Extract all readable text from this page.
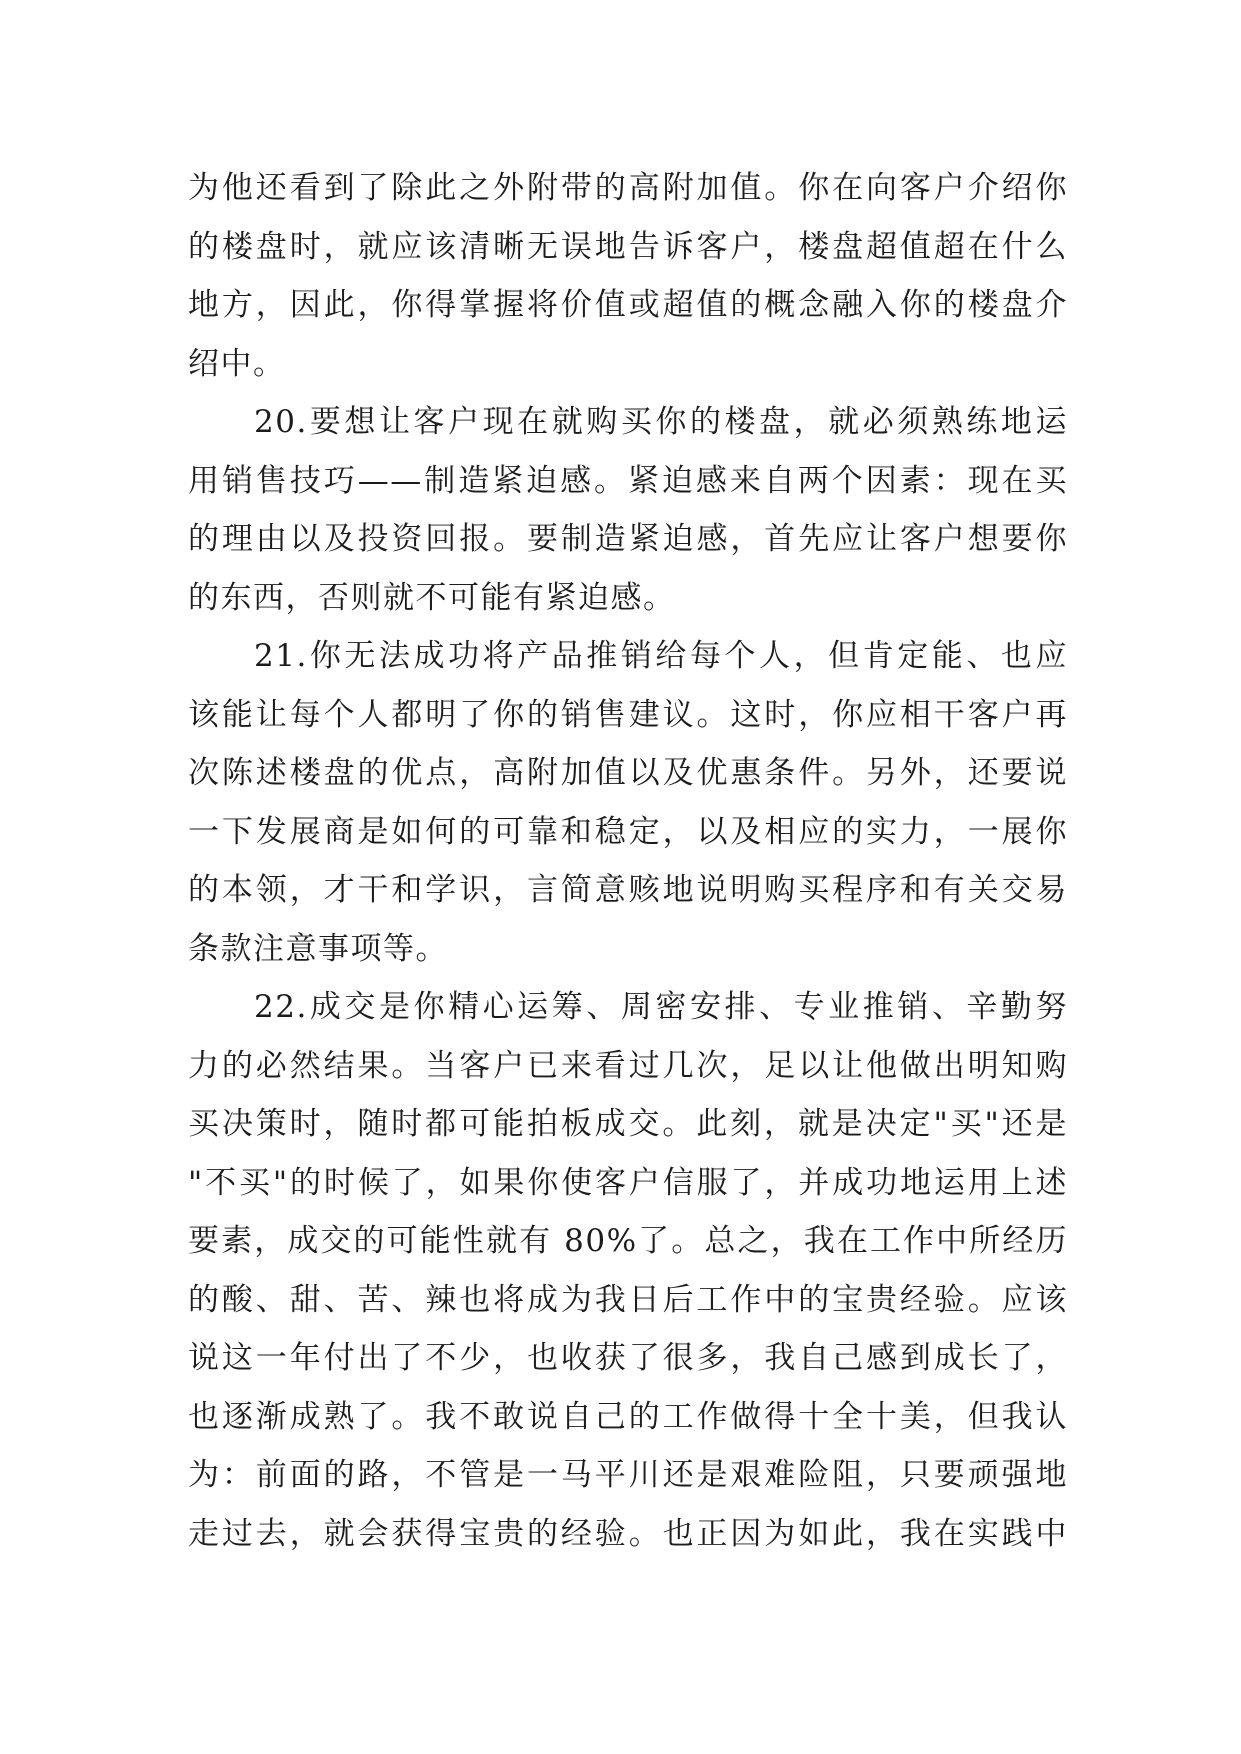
为他还看到了除此之外附带的高附加值。你在向客户介绍你
的楼盘时，就应该清晰无误地告诉客户，楼盘超值超在什么
地方，因此，你得掌握将价值或超值的概念融入你的楼盘介
绍中。

20.要想让客户现在就购买你的楼盘，就必须熟练地运
用销售技巧——制造紧迫感。紧迫感来自两个因素：现在买
的理由以及投资回报。要制造紧迫感，首先应让客户想要你
的东西，否则就不可能有紧迫感。

21.你无法成功将产品推销给每个人，但肯定能、也应
该能让每个人都明了你的销售建议。这时，你应相干客户再
次陈述楼盘的优点，高附加值以及优惠条件。另外，还要说
一下发展商是如何的可靠和稳定，以及相应的实力，一展你
的本领，才干和学识，言简意赅地说明购买程序和有关交易
条款注意事项等。

22.成交是你精心运筹、周密安排、专业推销、辛勤努
力的必然结果。当客户已来看过几次，足以让他做出明知购
买决策时，随时都可能拍板成交。此刻，就是决定"买"还是
"不买"的时候了，如果你使客户信服了，并成功地运用上述
要素，成交的可能性就有 80%了。总之，我在工作中所经历
的酸、甜、苦、辣也将成为我日后工作中的宝贵经验。应该
说这一年付出了不少，也收获了很多，我自己感到成长了，
也逐渐成熟了。我不敢说自己的工作做得十全十美，但我认
为：前面的路，不管是一马平川还是艰难险阻，只要顽强地
走过去，就会获得宝贵的经验。也正因为如此，我在实践中
